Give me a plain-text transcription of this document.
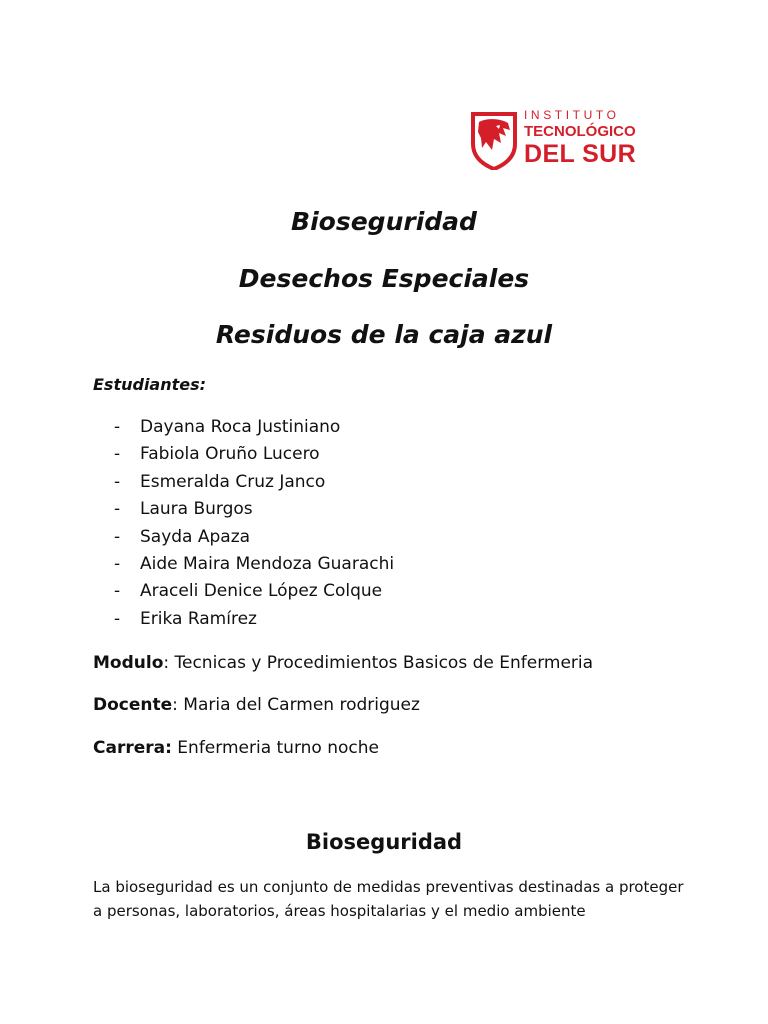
INSTITUTO
TECNOLÓGICO
DEL SUR
Bioseguridad
Desechos Especiales
Residuos de la caja azul

Estudiantes:

- Dayana Roca Justiniano
- Fabiola Oruño Lucero
- Esmeralda Cruz Janco
- Laura Burgos
- Sayda Apaza
- Aide Maira Mendoza Guarachi
- Araceli Denice López Colque
- Erika Ramírez

Modulo: Tecnicas y Procedimientos Basicos de Enfermeria

Docente: Maria del Carmen rodriguez

Carrera: Enfermeria turno noche

Bioseguridad

La bioseguridad es un conjunto de medidas preventivas destinadas a proteger a personas, laboratorios, áreas hospitalarias y el medio ambiente
